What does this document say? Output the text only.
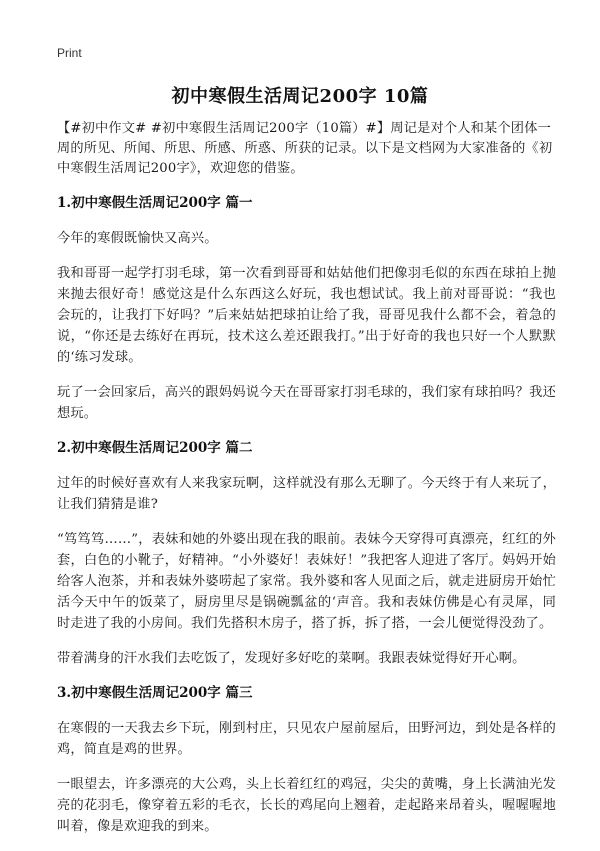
Print
初中寒假生活周记200字 10篇

【#初中作文# #初中寒假生活周记200字（10篇）#】周记是对个人和某个团体一周的所见、所闻、所思、所感、所惑、所获的记录。以下是文档网为大家准备的《初中寒假生活周记200字》，欢迎您的借鉴。

1.初中寒假生活周记200字 篇一

今年的寒假既愉快又高兴。

我和哥哥一起学打羽毛球，第一次看到哥哥和姑姑他们把像羽毛似的东西在球拍上抛来抛去很好奇！感觉这是什么东西这么好玩，我也想试试。我上前对哥哥说：“我也会玩的，让我打下好吗？”后来姑姑把球拍让给了我，哥哥见我什么都不会，着急的说，“你还是去练好在再玩，技术这么差还跟我打。”出于好奇的我也只好一个人默默的‘练习发球。

玩了一会回家后，高兴的跟妈妈说今天在哥哥家打羽毛球的，我们家有球拍吗？我还想玩。

2.初中寒假生活周记200字 篇二

过年的时候好喜欢有人来我家玩啊，这样就没有那么无聊了。今天终于有人来玩了，让我们猜猜是谁?

“笃笃笃……”，表妹和她的外婆出现在我的眼前。表妹今天穿得可真漂亮，红红的外套，白色的小靴子，好精神。“小外婆好！表妹好！”我把客人迎进了客厅。妈妈开始给客人泡茶，并和表妹外婆唠起了家常。我外婆和客人见面之后，就走进厨房开始忙活今天中午的饭菜了，厨房里尽是锅碗瓢盆的‘声音。我和表妹仿佛是心有灵犀，同时走进了我的小房间。我们先搭积木房子，搭了拆，拆了搭，一会儿便觉得没劲了。

带着满身的汗水我们去吃饭了，发现好多好吃的菜啊。我跟表妹觉得好开心啊。

3.初中寒假生活周记200字 篇三

在寒假的一天我去乡下玩，刚到村庄，只见农户屋前屋后，田野河边，到处是各样的鸡，简直是鸡的世界。

一眼望去，许多漂亮的大公鸡，头上长着红红的鸡冠，尖尖的黄嘴，身上长满油光发亮的花羽毛，像穿着五彩的毛衣，长长的鸡尾向上翘着，走起路来昂着头，喔喔喔地叫着，像是欢迎我的到来。
